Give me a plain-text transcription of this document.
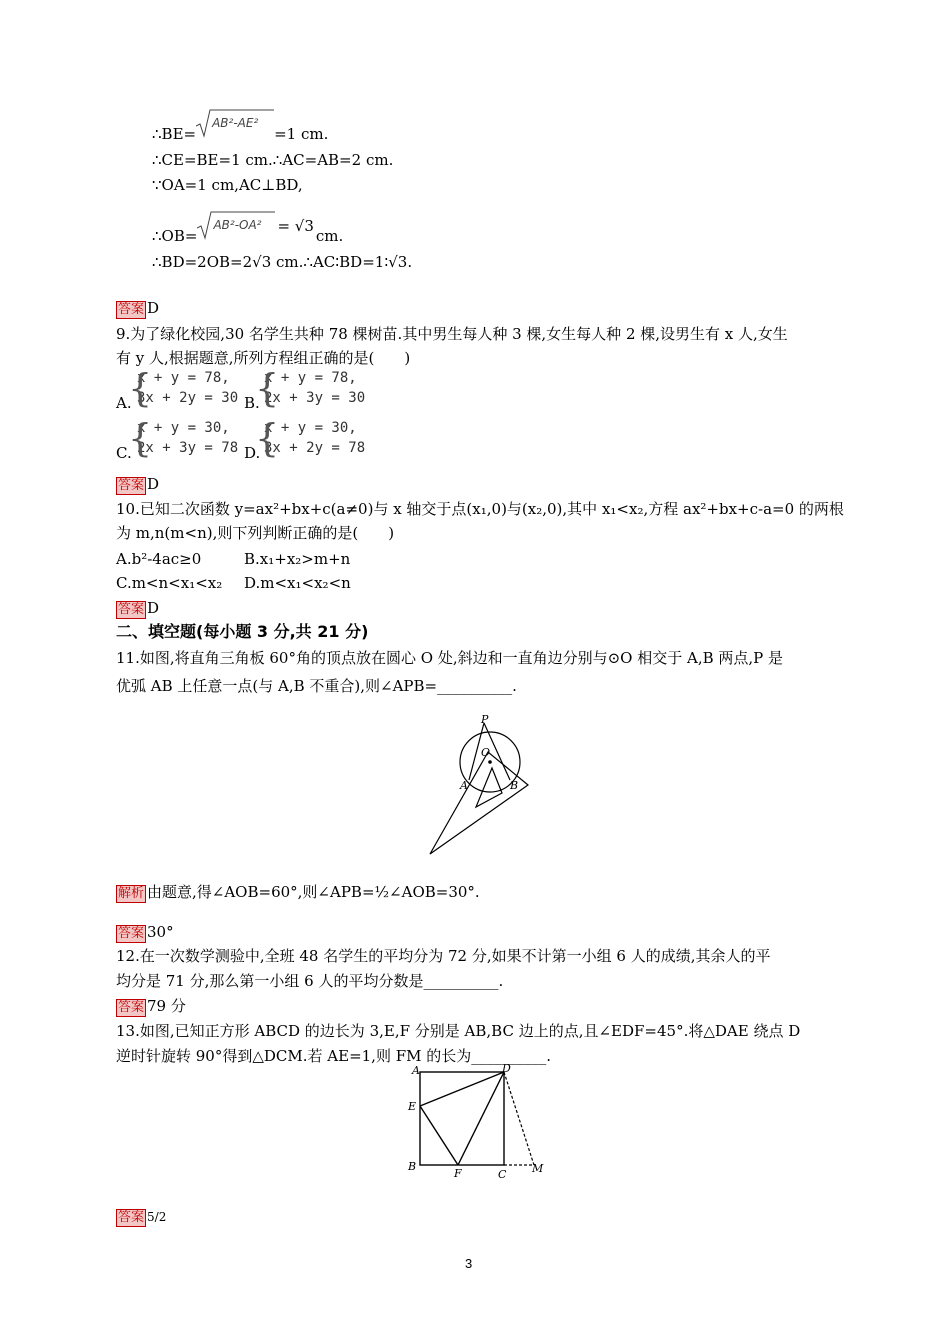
∴BE=
AB²-AE²
=1 cm.
∴CE=BE=1 cm.∴AC=AB=2 cm.
∵OA=1 cm,AC⊥BD,
∴OB=
AB²-OA² = √3cm.
∴BD=2OB=2√3 cm.∴AC∶BD=1∶√3.
答案 D
9.为了绿化校园,30 名学生共种 78 棵树苗.其中男生每人种 3 棵,女生每人种 2 棵,设男生有 x 人,女生
有 y 人,根据题意,所列方程组正确的是(　　)
A.
{
x + y = 78,
3x + 2y = 30 B.
{
x + y = 78,
2x + 3y = 30
C.
{
x + y = 30,
2x + 3y = 78 D.
{
x + y = 30,
3x + 2y = 78
答案 D
10.已知二次函数 y=ax²+bx+c(a≠0)与 x 轴交于点(x₁,0)与(x₂,0),其中 x₁<x₂,方程 ax²+bx+c-a=0 的两根
为 m,n(m<n),则下列判断正确的是(　　)
A.b²-4ac≥0	B.x₁+x₂>m+n
C.m<n<x₁<x₂ D.m<x₁<x₂<n
答案 D
二、填空题(每小题 3 分,共 21 分)
11.如图,将直角三角板 60°角的顶点放在圆心 O 处,斜边和一直角边分别与⊙O 相交于 A,B 两点,P 是
优弧 AB 上任意一点(与 A,B 不重合),则∠APB=__________.
P
O
A	B
解析 由题意,得∠AOB=60°,则∠APB=½∠AOB=30°.
答案 30°
12.在一次数学测验中,全班 48 名学生的平均分为 72 分,如果不计第一小组 6 人的成绩,其余人的平
均分是 71 分,那么第一小组 6 人的平均分数是__________.
答案 79 分
13.如图,已知正方形 ABCD 的边长为 3,E,F 分别是 AB,BC 边上的点,且∠EDF=45°.将△DAE 绕点 D
逆时针旋转 90°得到△DCM.若 AE=1,则 FM 的长为__________.
A	D
E
B
F	C M
答案 5/2
3
